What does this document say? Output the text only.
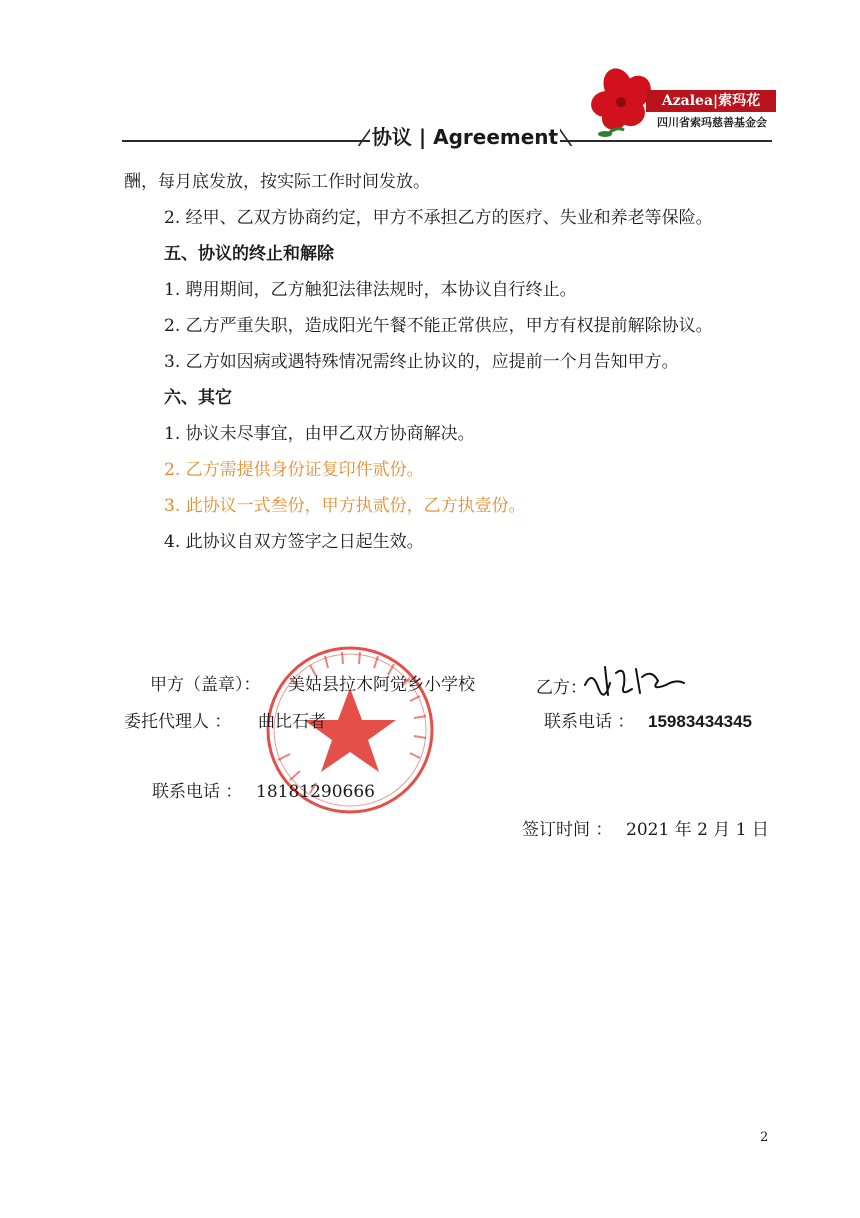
协议 | Agreement
Azalea|索玛花
四川省索玛慈善基金会
酬，每月底发放，按实际工作时间发放。
2. 经甲、乙双方协商约定，甲方不承担乙方的医疗、失业和养老等保险。
五、协议的终止和解除
1. 聘用期间，乙方触犯法律法规时，本协议自行终止。
2. 乙方严重失职，造成阳光午餐不能正常供应，甲方有权提前解除协议。
3. 乙方如因病或遇特殊情况需终止协议的，应提前一个月告知甲方。
六、其它
1. 协议未尽事宜，由甲乙双方协商解决。
2. 乙方需提供身份证复印件贰份。
3. 此协议一式叁份，甲方执贰份，乙方执壹份。
4. 此协议自双方签字之日起生效。
甲方（盖章）： 美姑县拉木阿觉乡小学校	乙方：
委托代理人 ： 曲比石者	联系电话 ： 15983434345
联系电话 ： 18181290666
签订时间 ： 2021 年 2 月 1 日
2
